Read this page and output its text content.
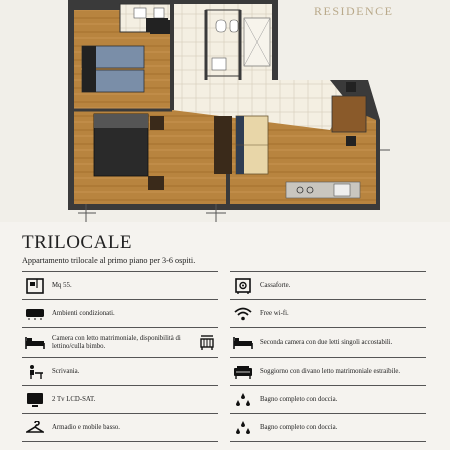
RESIDENCE
TRILOCALE
Appartamento trilocale al primo piano per 3-6 ospiti.
Mq 55.
Ambienti condizionati.
Camera con letto matrimoniale, disponibilità di lettino/culla bimbo.
Scrivania.
2 Tv LCD-SAT.
Armadio e mobile basso.
Cassaforte.
Free wi-fi.
Seconda camera con due letti singoli accostabili.
Soggiorno con divano letto matrimoniale estraibile.
Bagno completo con doccia.
Bagno completo con doccia.
